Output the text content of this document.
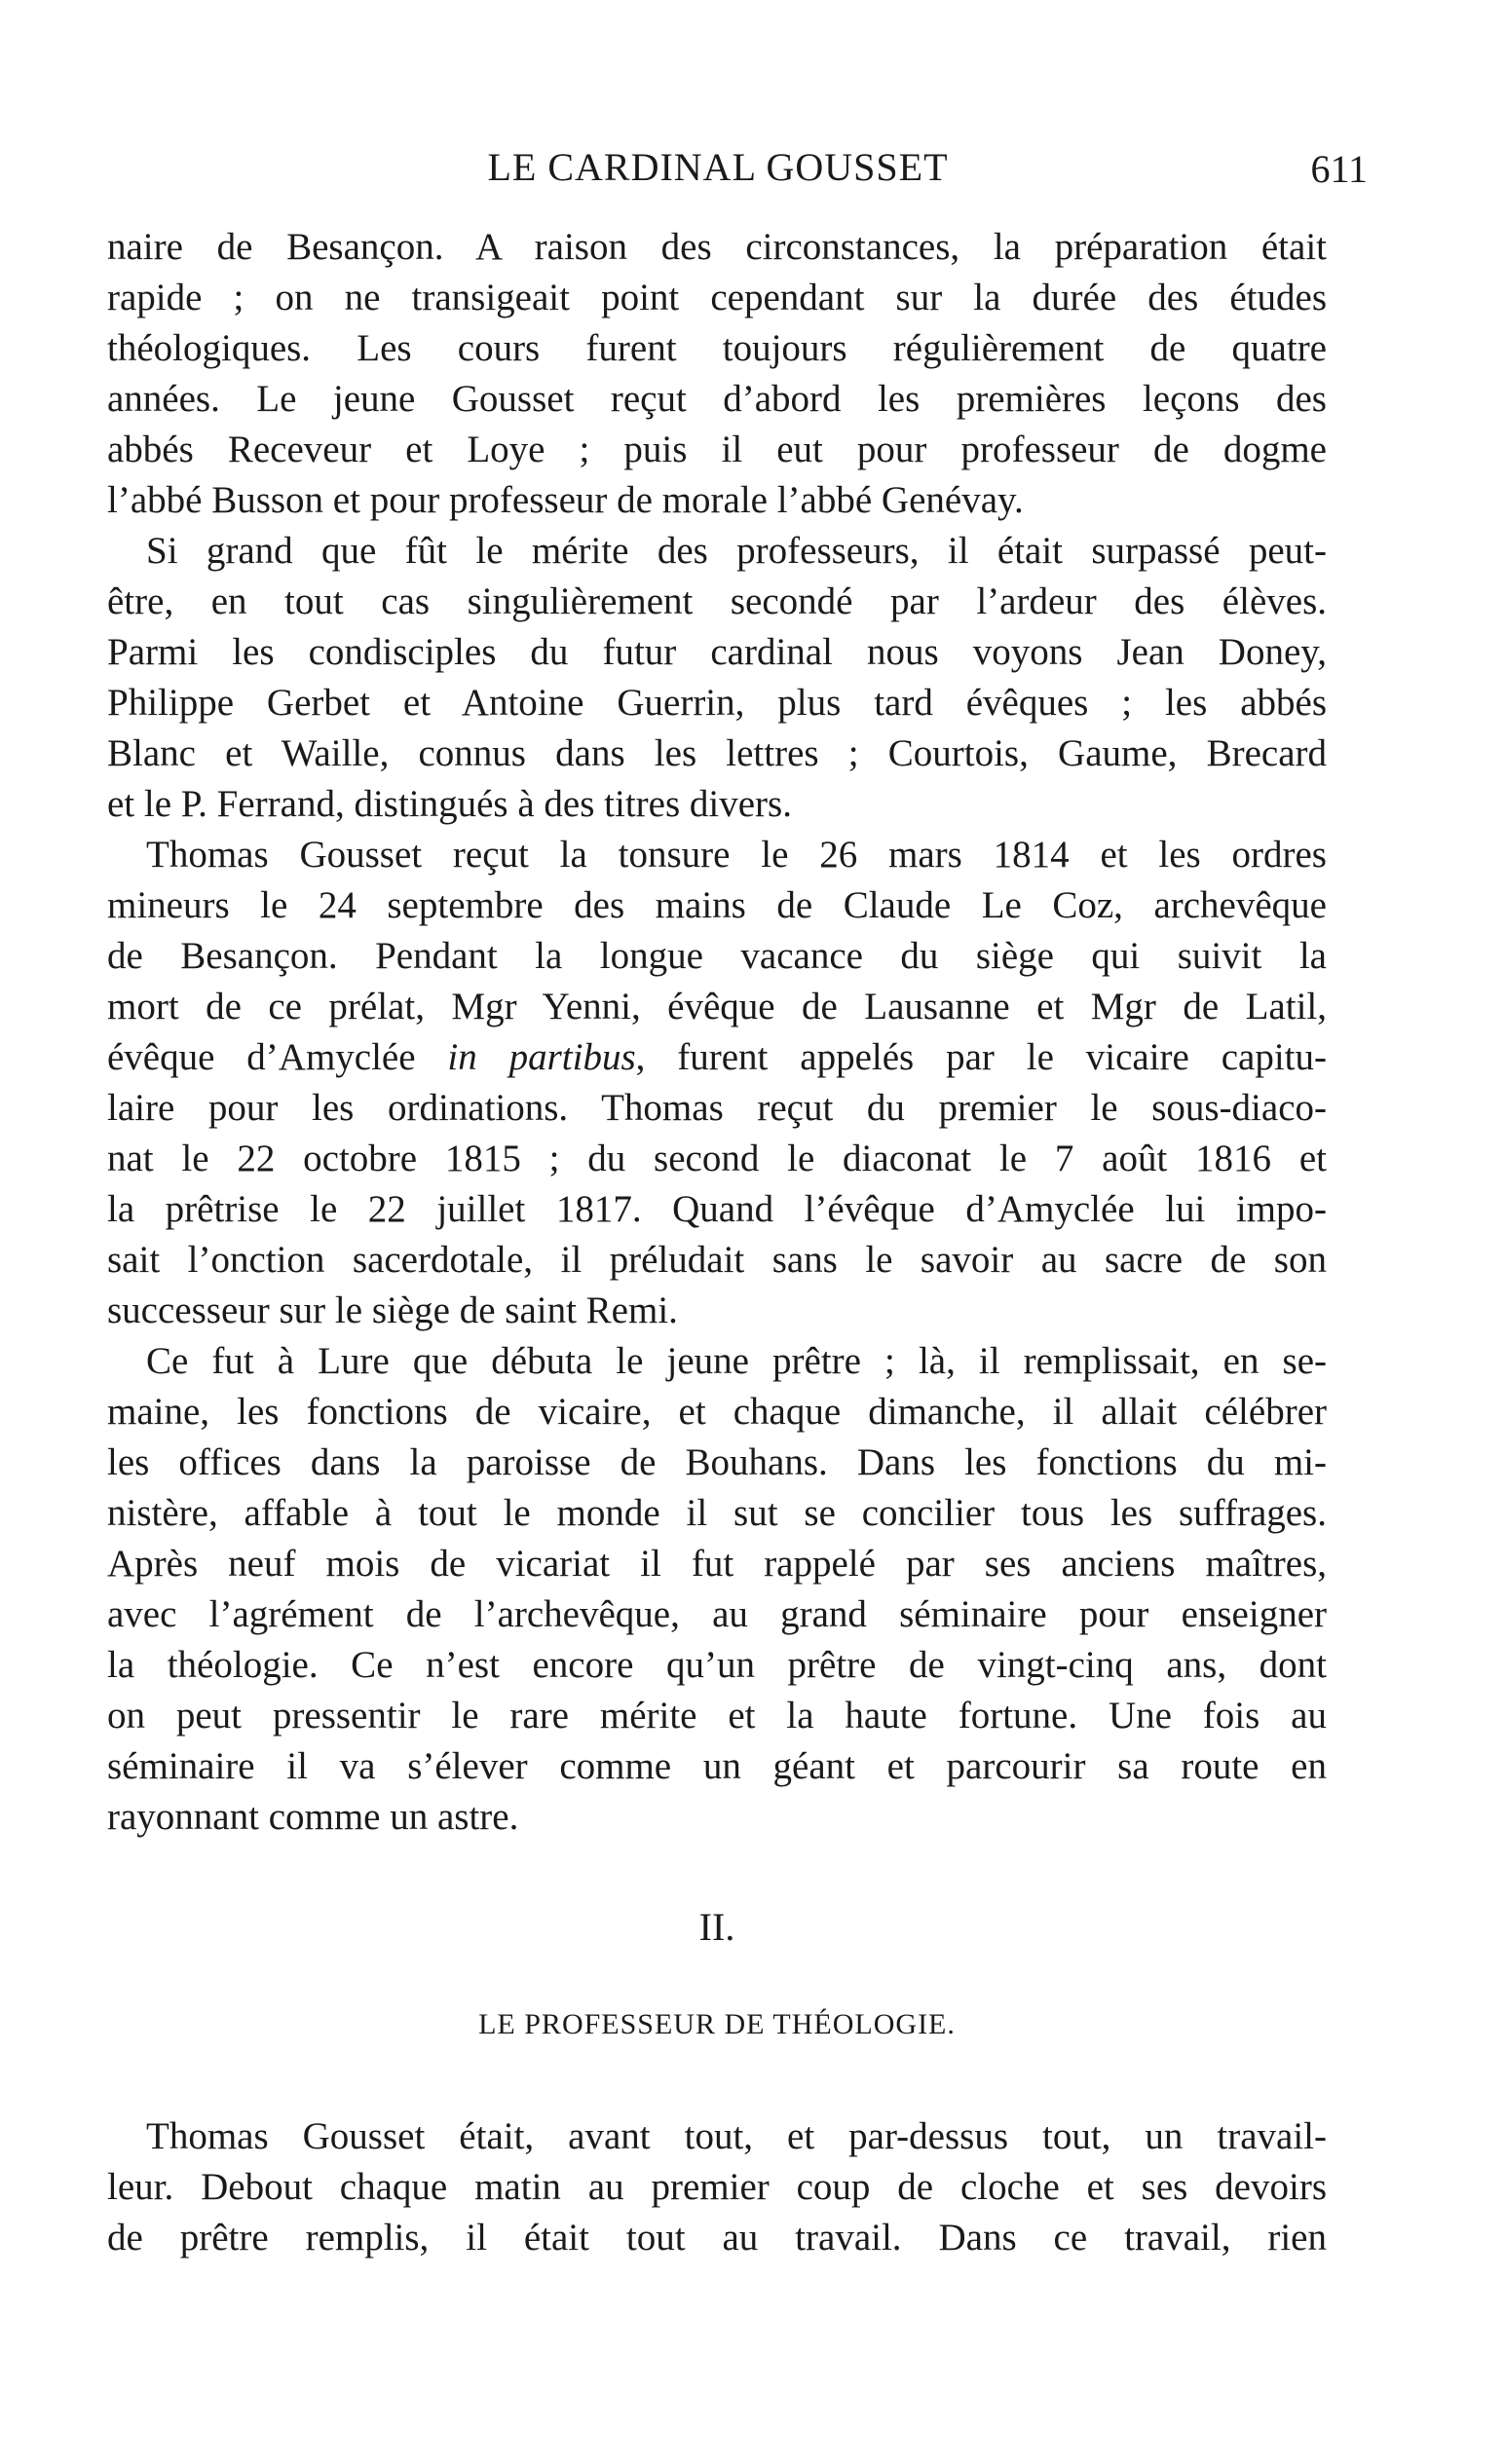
LE CARDINAL GOUSSET	611
naire de Besançon. A raison des circonstances, la préparation était
rapide ; on ne transigeait point cependant sur la durée des études
théologiques. Les cours furent toujours régulièrement de quatre
années. Le jeune Gousset reçut d’abord les premières leçons des
abbés Receveur et Loye ; puis il eut pour professeur de dogme
l’abbé Busson et pour professeur de morale l’abbé Genévay.
Si grand que fût le mérite des professeurs, il était surpassé peut-
être, en tout cas singulièrement secondé par l’ardeur des élèves.
Parmi les condisciples du futur cardinal nous voyons Jean Doney,
Philippe Gerbet et Antoine Guerrin, plus tard évêques ; les abbés
Blanc et Waille, connus dans les lettres ; Courtois, Gaume, Brecard
et le P. Ferrand, distingués à des titres divers.
Thomas Gousset reçut la tonsure le 26 mars 1814 et les ordres
mineurs le 24 septembre des mains de Claude Le Coz, archevêque
de Besançon. Pendant la longue vacance du siège qui suivit la
mort de ce prélat, Mgr Yenni, évêque de Lausanne et Mgr de Latil,
évêque d’Amyclée in partibus, furent appelés par le vicaire capitu-
laire pour les ordinations. Thomas reçut du premier le sous-diaco-
nat le 22 octobre 1815 ; du second le diaconat le 7 août 1816 et
la prêtrise le 22 juillet 1817. Quand l’évêque d’Amyclée lui impo-
sait l’onction sacerdotale, il préludait sans le savoir au sacre de son
successeur sur le siège de saint Remi.
Ce fut à Lure que débuta le jeune prêtre ; là, il remplissait, en se-
maine, les fonctions de vicaire, et chaque dimanche, il allait célébrer
les offices dans la paroisse de Bouhans. Dans les fonctions du mi-
nistère, affable à tout le monde il sut se concilier tous les suffrages.
Après neuf mois de vicariat il fut rappelé par ses anciens maîtres,
avec l’agrément de l’archevêque, au grand séminaire pour enseigner
la théologie. Ce n’est encore qu’un prêtre de vingt-cinq ans, dont
on peut pressentir le rare mérite et la haute fortune. Une fois au
séminaire il va s’élever comme un géant et parcourir sa route en
rayonnant comme un astre.
II.
LE PROFESSEUR DE THÉOLOGIE.
Thomas Gousset était, avant tout, et par-dessus tout, un travail-
leur. Debout chaque matin au premier coup de cloche et ses devoirs
de prêtre remplis, il était tout au travail. Dans ce travail, rien
